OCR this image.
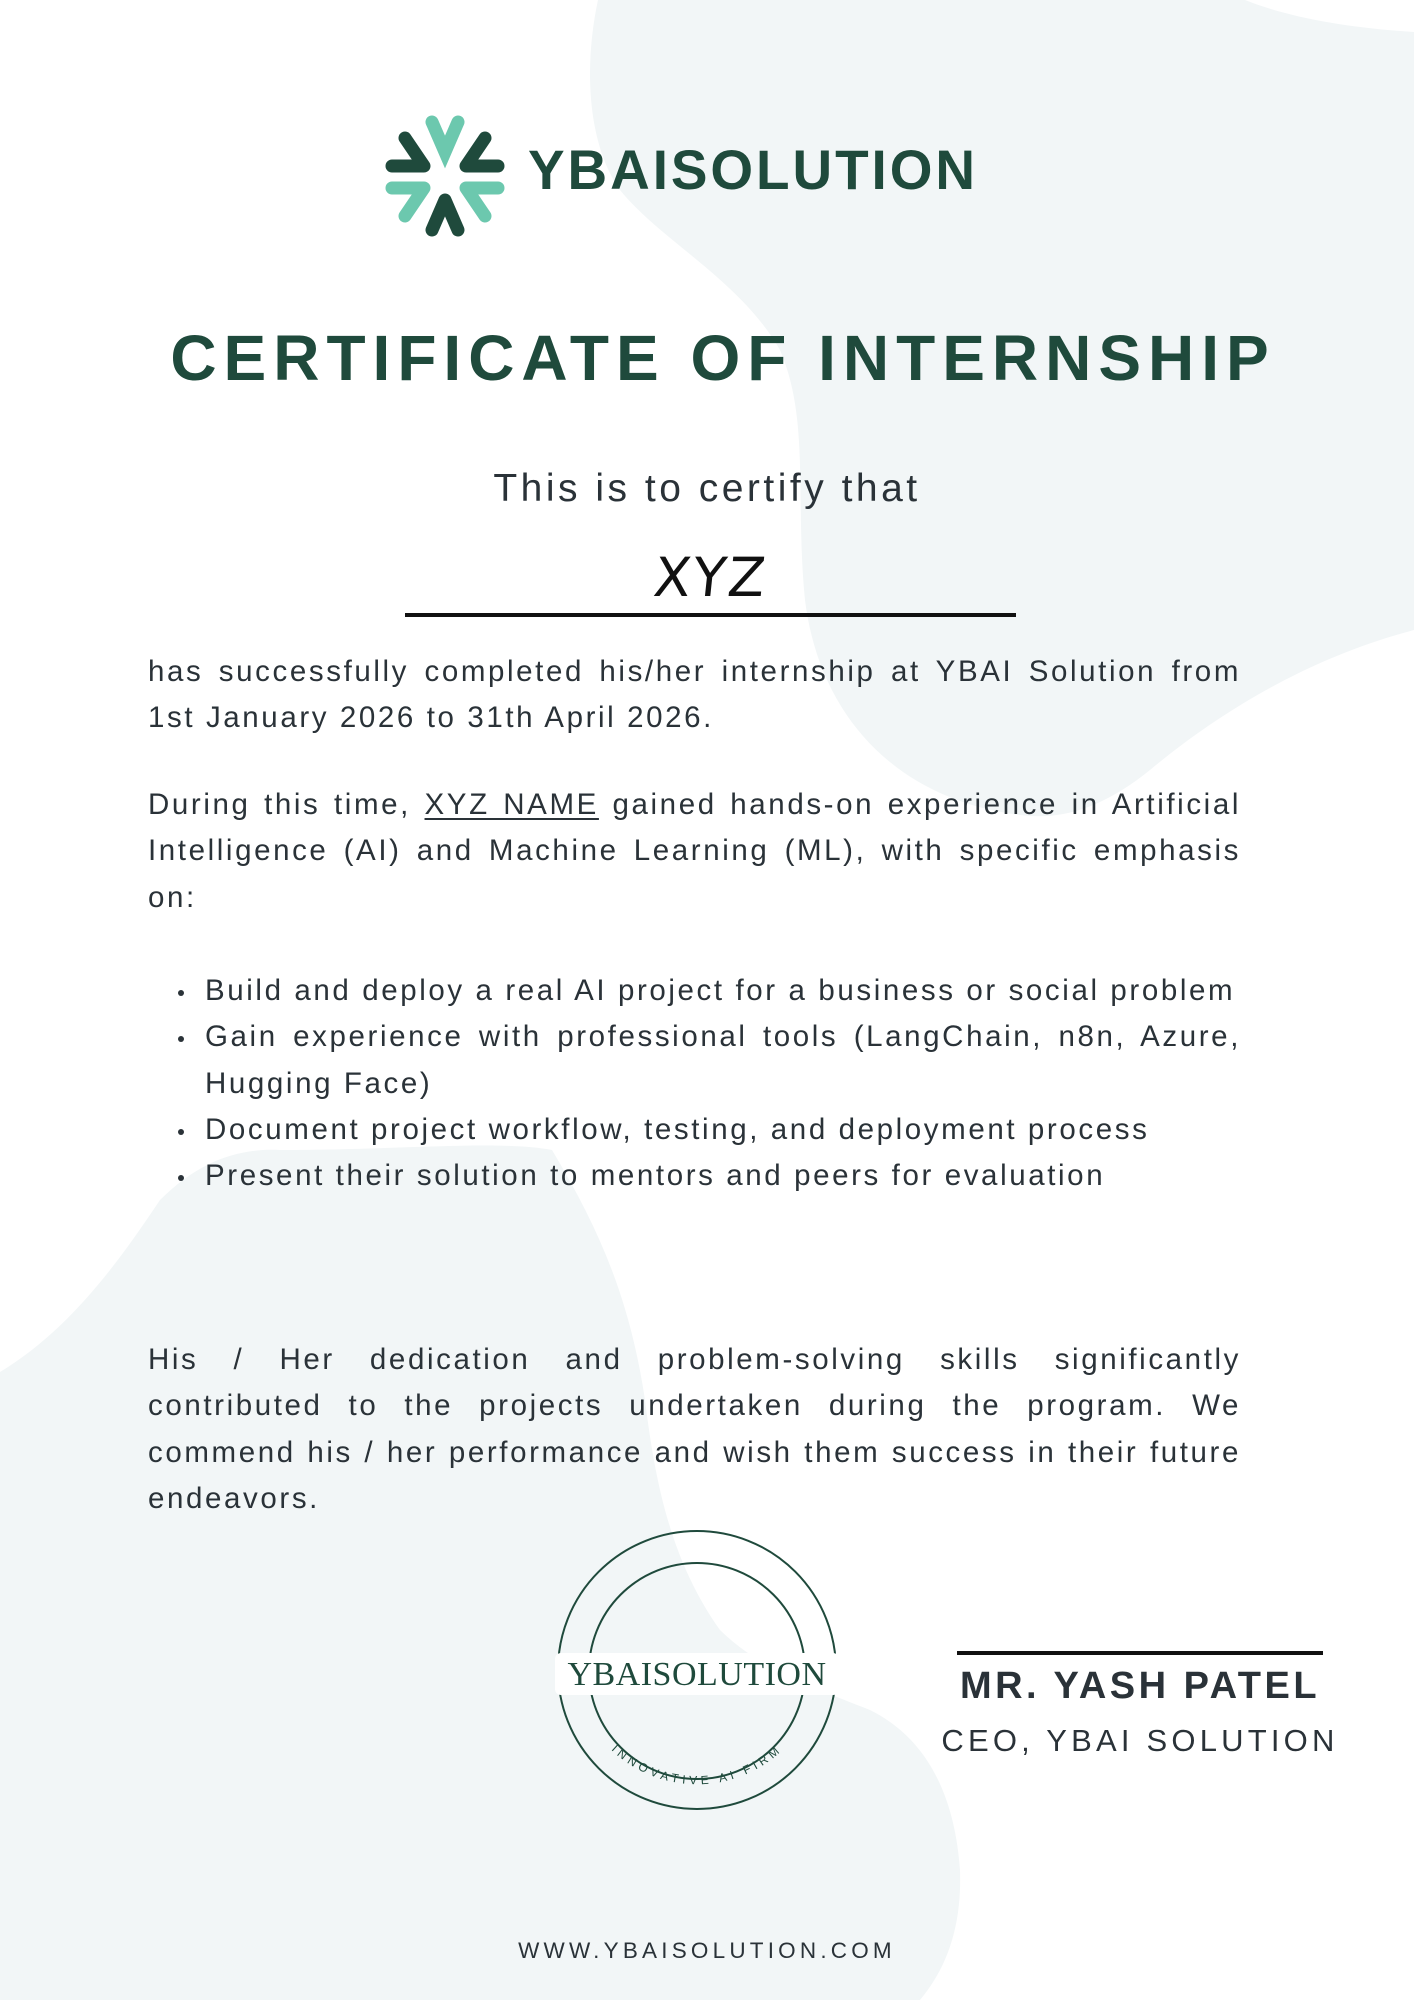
YBAISOLUTION
CERTIFICATE OF INTERNSHIP
This is to certify that
XYZ

has successfully completed his/her internship at YBAI Solution from 1st January 2026 to 31th April 2026.

During this time, XYZ NAME gained hands-on experience in Artificial Intelligence (AI) and Machine Learning (ML), with specific emphasis on:

Build and deploy a real AI project for a business or social problem
Gain experience with professional tools (LangChain, n8n, Azure, Hugging Face)
Document project workflow, testing, and deployment process
Present their solution to mentors and peers for evaluation

His / Her dedication and problem-solving skills significantly contributed to the projects undertaken during the program. We commend his / her performance and wish them success in their future endeavors.

YBAISOLUTION
INNOVATIVE AI FIRM
MR. YASH PATEL
CEO, YBAI SOLUTION
WWW.YBAISOLUTION.COM
